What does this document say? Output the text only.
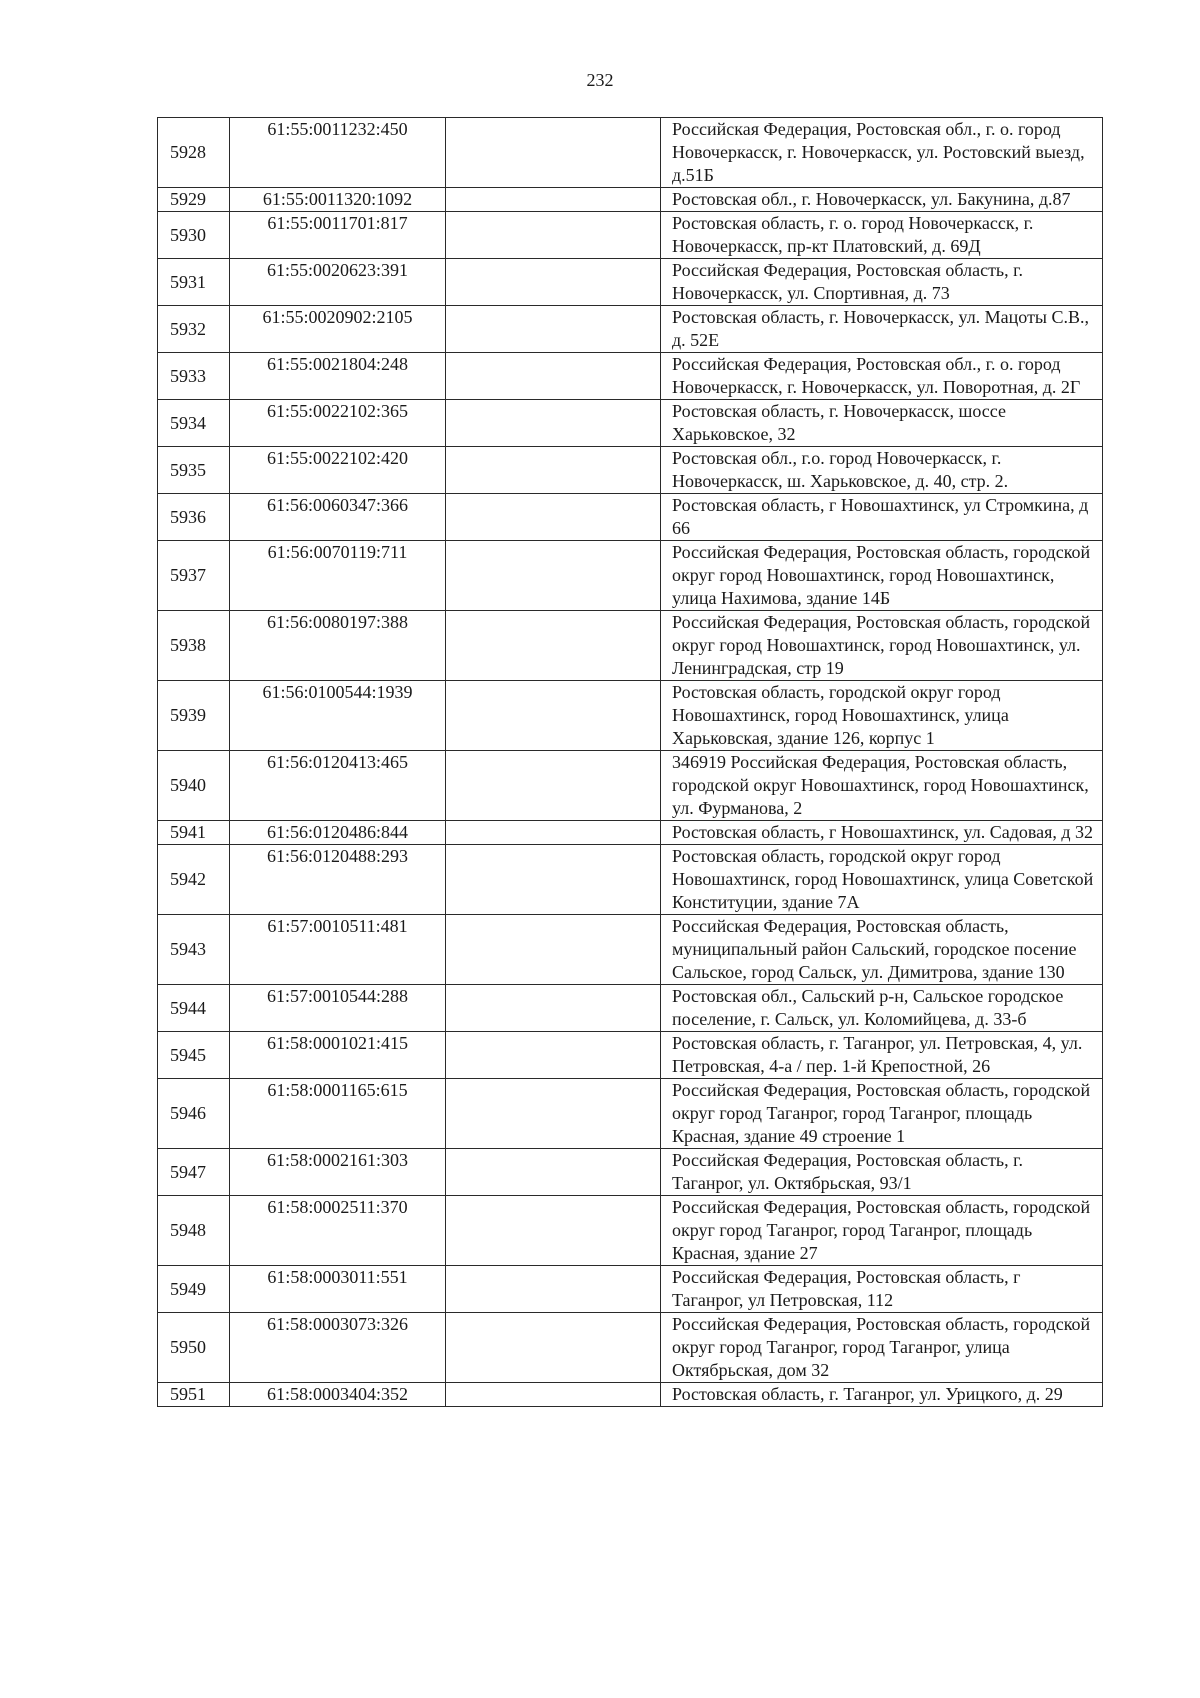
232
5928	61:55:0011232:450		Российская Федерация, Ростовская обл., г. о. город Новочеркасск, г. Новочеркасск, ул. Ростовский выезд, д.51Б
5929	61:55:0011320:1092		Ростовская обл., г. Новочеркасск, ул. Бакунина, д.87
5930	61:55:0011701:817		Ростовская область, г. о. город Новочеркасск, г. Новочеркасск, пр-кт Платовский, д. 69Д
5931	61:55:0020623:391		Российская Федерация, Ростовская область, г. Новочеркасск, ул. Спортивная, д. 73
5932	61:55:0020902:2105		Ростовская область, г. Новочеркасск, ул. Мацоты С.В., д. 52Е
5933	61:55:0021804:248		Российская Федерация, Ростовская обл., г. о. город Новочеркасск, г. Новочеркасск, ул. Поворотная, д. 2Г
5934	61:55:0022102:365		Ростовская область, г. Новочеркасск, шоссе Харьковское, 32
5935	61:55:0022102:420		Ростовская обл., г.о. город Новочеркасск, г. Новочеркасск, ш. Харьковское, д. 40, стр. 2.
5936	61:56:0060347:366		Ростовская область, г Новошахтинск, ул Стромкина, д 66
5937	61:56:0070119:711		Российская Федерация, Ростовская область, городской округ город Новошахтинск, город Новошахтинск, улица Нахимова, здание 14Б
5938	61:56:0080197:388		Российская Федерация, Ростовская область, городской округ город Новошахтинск, город Новошахтинск, ул. Ленинградская, стр 19
5939	61:56:0100544:1939		Ростовская область, городской округ город Новошахтинск, город Новошахтинск, улица Харьковская, здание 126, корпус 1
5940	61:56:0120413:465		346919 Российская Федерация, Ростовская область, городской округ Новошахтинск, город Новошахтинск, ул. Фурманова, 2
5941	61:56:0120486:844		Ростовская область, г Новошахтинск, ул. Садовая, д 32
5942	61:56:0120488:293		Ростовская область, городской округ город Новошахтинск, город Новошахтинск, улица Советской Конституции, здание 7А
5943	61:57:0010511:481		Российская Федерация, Ростовская область, муниципальный район Сальский, городское посение Сальское, город Сальск, ул. Димитрова, здание 130
5944	61:57:0010544:288		Ростовская обл., Сальский р-н, Сальское городское поселение, г. Сальск, ул. Коломийцева, д. 33-б
5945	61:58:0001021:415		Ростовская область, г. Таганрог, ул. Петровская, 4, ул. Петровская, 4-а / пер. 1-й Крепостной, 26
5946	61:58:0001165:615		Российская Федерация, Ростовская область, городской округ город Таганрог, город Таганрог, площадь Красная, здание 49 строение 1
5947	61:58:0002161:303		Российская Федерация, Ростовская область, г. Таганрог, ул. Октябрьская, 93/1
5948	61:58:0002511:370		Российская Федерация, Ростовская область, городской округ город Таганрог, город Таганрог, площадь Красная, здание 27
5949	61:58:0003011:551		Российская Федерация, Ростовская область, г Таганрог, ул Петровская, 112
5950	61:58:0003073:326		Российская Федерация, Ростовская область, городской округ город Таганрог, город Таганрог, улица Октябрьская, дом 32
5951	61:58:0003404:352		Ростовская область, г. Таганрог, ул. Урицкого, д. 29
